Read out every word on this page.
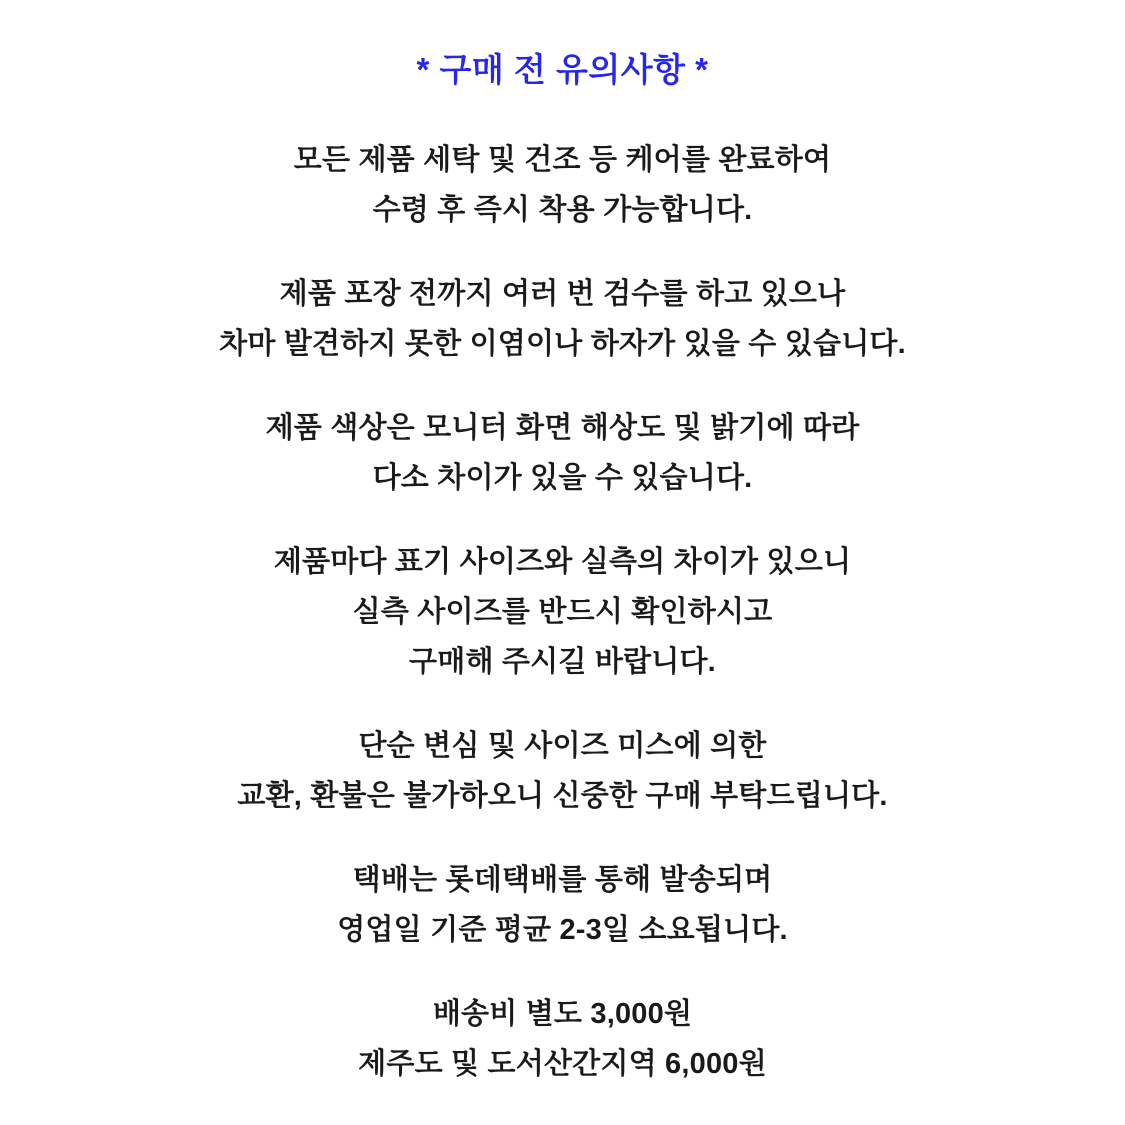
* 구매 전 유의사항 *
모든 제품 세탁 및 건조 등 케어를 완료하여
수령 후 즉시 착용 가능합니다.
제품 포장 전까지 여러 번 검수를 하고 있으나
차마 발견하지 못한 이염이나 하자가 있을 수 있습니다.
제품 색상은 모니터 화면 해상도 및 밝기에 따라
다소 차이가 있을 수 있습니다.
제품마다 표기 사이즈와 실측의 차이가 있으니
실측 사이즈를 반드시 확인하시고
구매해 주시길 바랍니다.
단순 변심 및 사이즈 미스에 의한
교환, 환불은 불가하오니 신중한 구매 부탁드립니다.
택배는 롯데택배를 통해 발송되며
영업일 기준 평균 2-3일 소요됩니다.
배송비 별도 3,000원
제주도 및 도서산간지역 6,000원
